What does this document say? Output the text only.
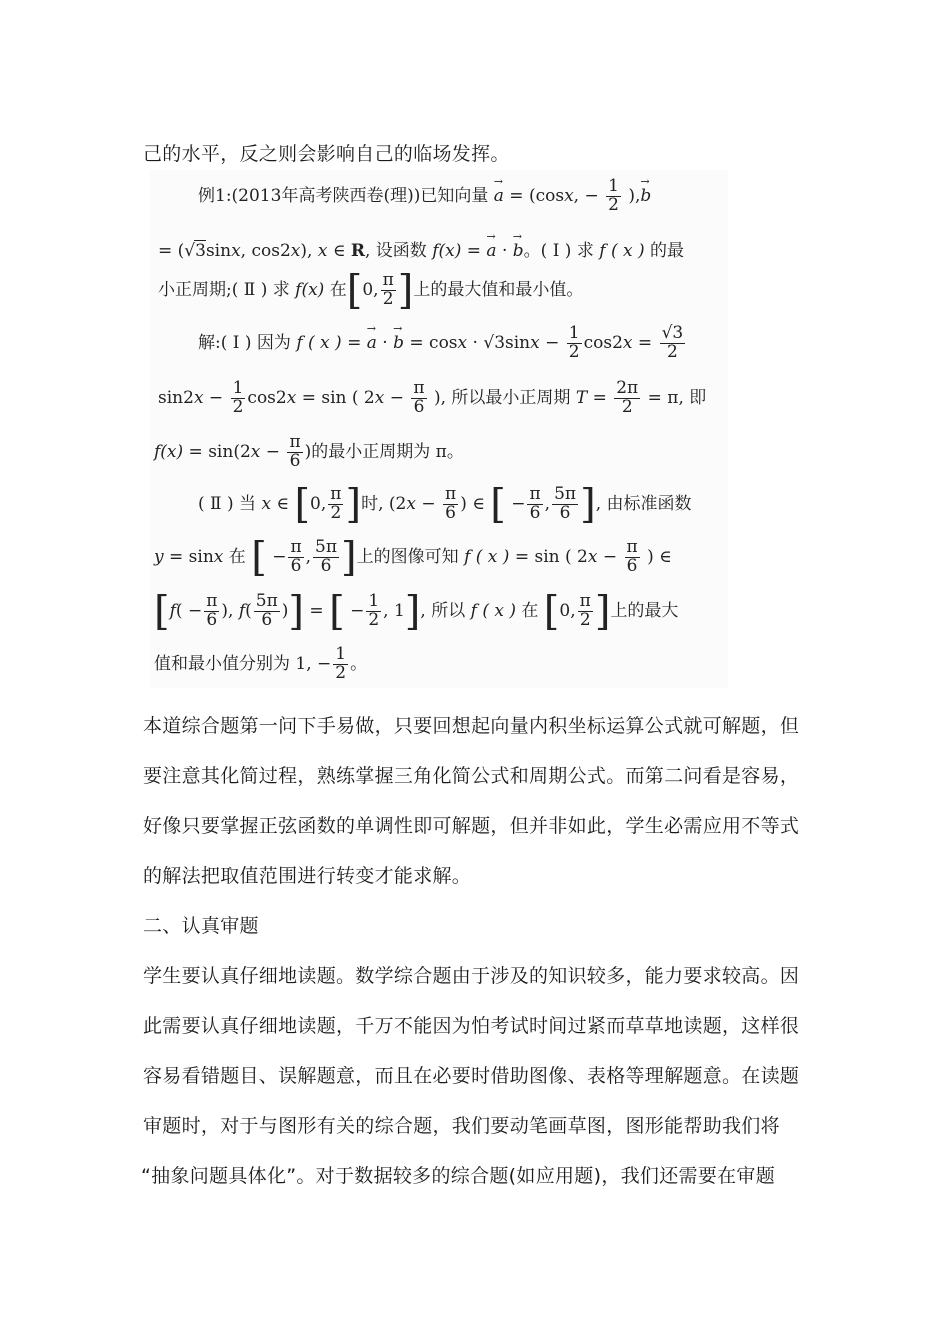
己的水平，反之则会影响自己的临场发挥。
例1:(2013年高考陕西卷(理))已知向量 → a = (cosx, − $\frac{1}{2}$ ),→ b
= (√3sinx, cos2x), x ∈ R, 设函数 f(x) = → a · → b。( Ⅰ ) 求 f ( x ) 的最
小正周期;( Ⅱ ) 求 f(x) 在[0, $\frac{\pi}{2}$ ]上的最大值和最小值。
解:( Ⅰ ) 因为 f ( x ) = → a · → $b = \cos x \cdot √3\sin x - \frac{1}{2} \cos 2x = \frac{√3}{2}$
$\sin 2x - \frac{1}{2} \cos 2x = \sin$ ( $2x - \frac{\pi}{6}$ ), 所以最小正周期 $T = \frac{2\pi}{2} = \pi$, 即
$f(x) = \sin(2x - \frac{\pi}{6}$ )的最小正周期为 π。
( Ⅱ ) 当 x ∈ [0, $\frac{\pi}{2}$ ]时, ($2x - \frac{\pi}{6}$ ) ∈ [ − $\frac{\pi}{6}$ , $\frac{5\pi}{6}$ ], 由标准函数
y = sinx 在 [ − $\frac{\pi}{6}$ , $\frac{5\pi}{6}$ ]上的图像可知 f ( x ) = sin ( $2x - \frac{\pi}{6}$ ) ∈
[$f( - \frac{\pi}{6}$ ), $f( \frac{5\pi}{6}$ )] = [ − $\frac{1}{2}$ , 1], 所以 f ( x ) 在 [0, $\frac{\pi}{2}$ ]上的最大
值和最小值分别为 1, − $\frac{1}{2}$ 。
本道综合题第一问下手易做，只要回想起向量内积坐标运算公式就可解题，但
要注意其化简过程，熟练掌握三角化简公式和周期公式。而第二问看是容易，
好像只要掌握正弦函数的单调性即可解题，但并非如此，学生必需应用不等式
的解法把取值范围进行转变才能求解。
二、认真审题
学生要认真仔细地读题。数学综合题由于涉及的知识较多，能力要求较高。因
此需要认真仔细地读题，千万不能因为怕考试时间过紧而草草地读题，这样很
容易看错题目、误解题意，而且在必要时借助图像、表格等理解题意。在读题
审题时，对于与图形有关的综合题，我们要动笔画草图，图形能帮助我们将
“抽象问题具体化”。对于数据较多的综合题(如应用题)，我们还需要在审题
